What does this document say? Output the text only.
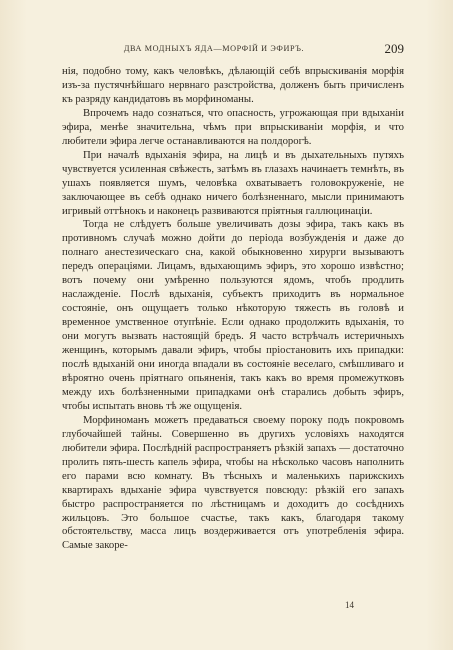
ДВА МОДНЫХЪ ЯДА—МОРФІЙ И ЭФИРЪ.	209

нія, подобно тому, какъ человѣкъ, дѣлающій себѣ впрыскиванія морфія изъ-за пустячнѣйшаго нервнаго разстройства, долженъ быть причисленъ къ разряду кандидатовъ въ морфиноманы.

Впрочемъ надо сознаться, что опасность, угрожающая при вдыханіи эфира, менѣе значительна, чѣмъ при впрыскиваніи морфія, и что любители эфира легче останавливаются на полдорогѣ.

При началѣ вдыханія эфира, на лицѣ и въ дыхательныхъ путяхъ чувствуется усиленная свѣжесть, затѣмъ въ глазахъ начинаетъ темнѣть, въ ушахъ появляется шумъ, человѣка охватываетъ головокруженіе, не заключающее въ себѣ однако ничего болѣзненнаго, мысли принимаютъ игривый оттѣнокъ и наконецъ развиваются пріятныя галлюцинаціи.

Тогда не слѣдуетъ больше увеличивать дозы эфира, такъ какъ въ противномъ случаѣ можно дойти до періода возбужденія и даже до полнаго анестезическаго сна, какой обыкновенно хирурги вызываютъ передъ операціями. Лицамъ, вдыхающимъ эфиръ, это хорошо извѣстно; вотъ почему они умѣренно пользуются ядомъ, чтобъ продлить наслажденіе. Послѣ вдыханія, субъектъ приходитъ въ нормальное состояніе, онъ ощущаетъ только нѣкоторую тяжесть въ головѣ и временное умственное отупѣніе. Если однако продолжить вдыханія, то они могутъ вызвать настоящій бредъ. Я часто встрѣчалъ истеричныхъ женщинъ, которымъ давали эфиръ, чтобы пріостановить ихъ припадки: послѣ вдыханій они иногда впадали въ состояніе веселаго, смѣшливаго и вѣроятно очень пріятнаго опьяненія, такъ какъ во время промежутковъ между ихъ болѣзненными припадками онѣ старались добыть эфиръ, чтобы испытать вновь тѣ же ощущенія.

Морфиноманъ можетъ предаваться своему пороку подъ покровомъ глубочайшей тайны. Совершенно въ другихъ условіяхъ находятся любители эфира. Послѣдній распространяетъ рѣзкій запахъ — достаточно пролить пять-шесть капель эфира, чтобы на нѣсколько часовъ наполнить его парами всю комнату. Въ тѣсныхъ и маленькихъ парижскихъ квартирахъ вдыханіе эфира чувствуется повсюду: рѣзкій его запахъ быстро распространяется по лѣстницамъ и доходитъ до сосѣднихъ жильцовъ. Это большое счастье, такъ какъ, благодаря такому обстоятельству, масса лицъ воздерживается отъ употребленія эфира. Самые закоре-

14
